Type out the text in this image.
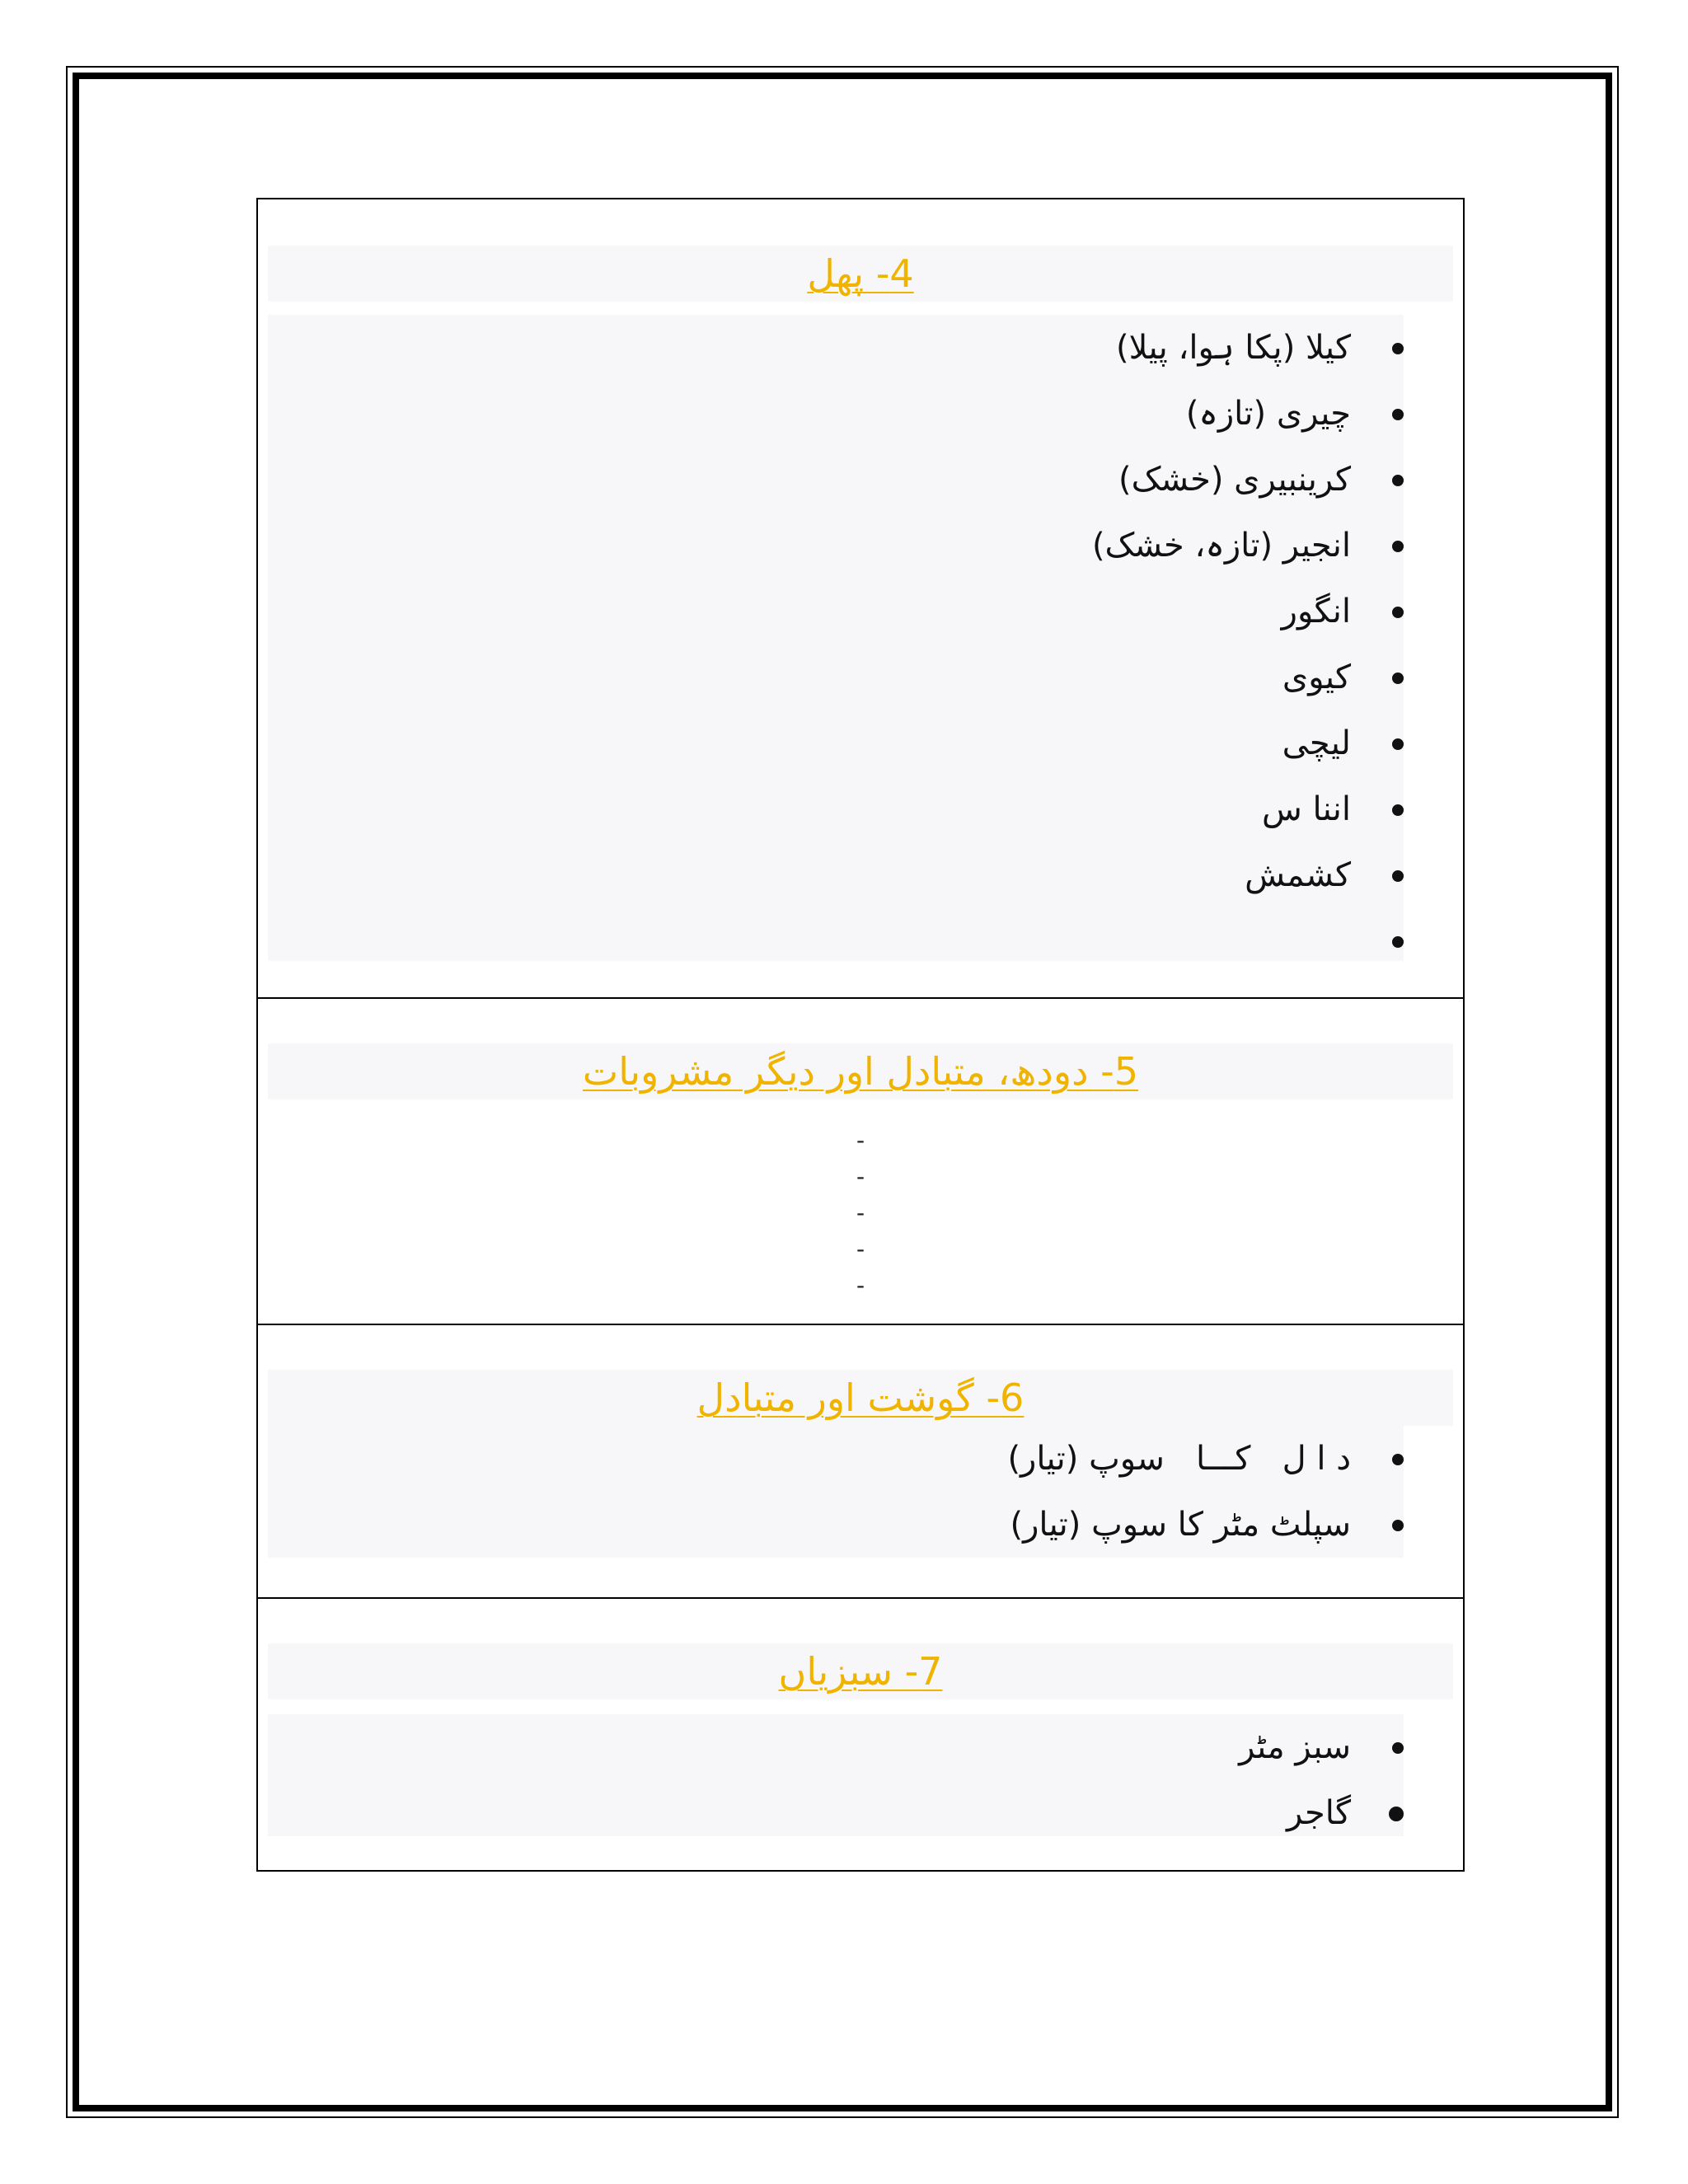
4- پھل
کیلا (پکا ہوا، پیلا)
چیری (تازہ)
کرینبیری (خشک)
انجیر (تازہ، خشک)
انگور
کیوی
لیچی
اننا س
کشمش
5- دودھ، متبادل اور دیگر مشروبات
-
-
-
-
-
6- گوشت اور متبادل
د ا ل   کـــا   سوپ (تیار)
سپلٹ مٹر کا سوپ (تیار)
7- سبزیاں
سبز مٹر
گاجر
